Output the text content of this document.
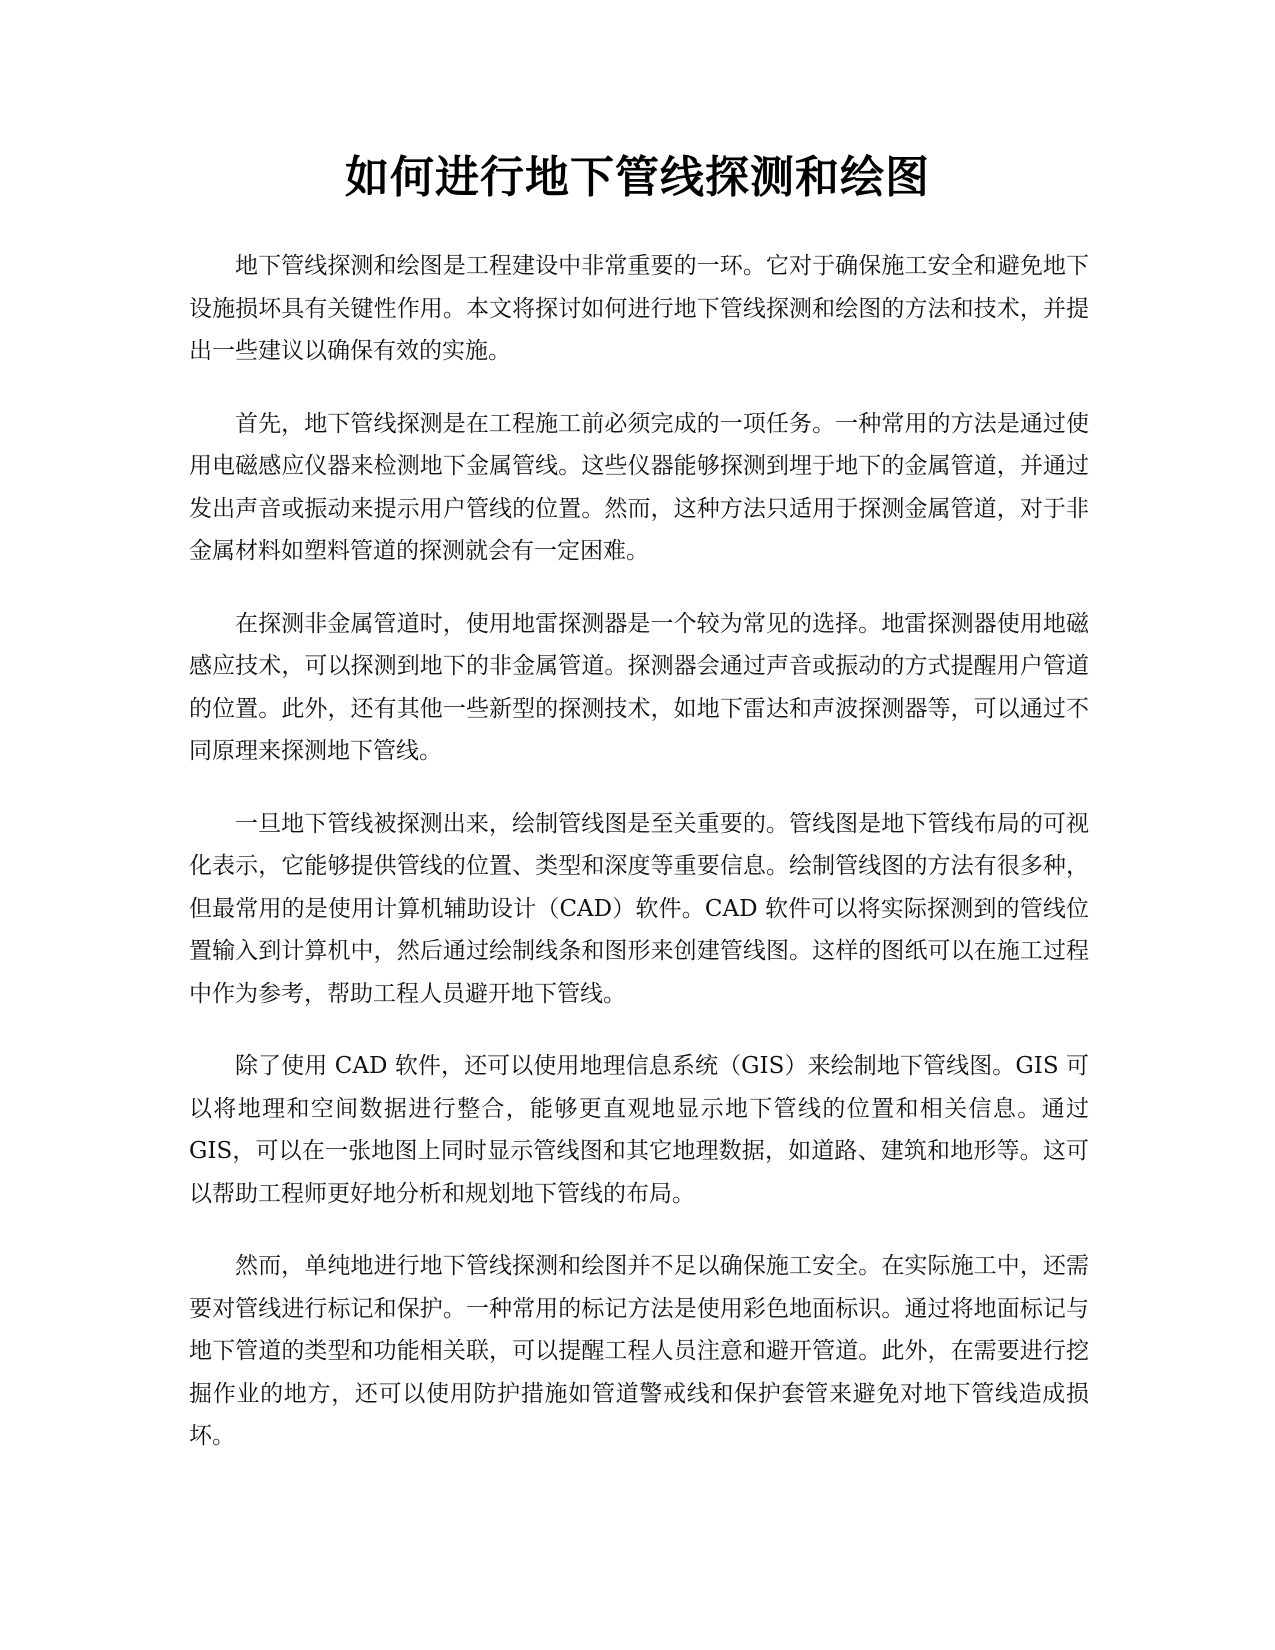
如何进行地下管线探测和绘图

地下管线探测和绘图是工程建设中非常重要的一环。它对于确保施工安全和避免地下设施损坏具有关键性作用。本文将探讨如何进行地下管线探测和绘图的方法和技术，并提出一些建议以确保有效的实施。

首先，地下管线探测是在工程施工前必须完成的一项任务。一种常用的方法是通过使用电磁感应仪器来检测地下金属管线。这些仪器能够探测到埋于地下的金属管道，并通过发出声音或振动来提示用户管线的位置。然而，这种方法只适用于探测金属管道，对于非金属材料如塑料管道的探测就会有一定困难。

在探测非金属管道时，使用地雷探测器是一个较为常见的选择。地雷探测器使用地磁感应技术，可以探测到地下的非金属管道。探测器会通过声音或振动的方式提醒用户管道的位置。此外，还有其他一些新型的探测技术，如地下雷达和声波探测器等，可以通过不同原理来探测地下管线。

一旦地下管线被探测出来，绘制管线图是至关重要的。管线图是地下管线布局的可视化表示，它能够提供管线的位置、类型和深度等重要信息。绘制管线图的方法有很多种，但最常用的是使用计算机辅助设计（CAD）软件。CAD 软件可以将实际探测到的管线位置输入到计算机中，然后通过绘制线条和图形来创建管线图。这样的图纸可以在施工过程中作为参考，帮助工程人员避开地下管线。

除了使用 CAD 软件，还可以使用地理信息系统（GIS）来绘制地下管线图。GIS 可以将地理和空间数据进行整合，能够更直观地显示地下管线的位置和相关信息。通过 GIS，可以在一张地图上同时显示管线图和其它地理数据，如道路、建筑和地形等。这可以帮助工程师更好地分析和规划地下管线的布局。

然而，单纯地进行地下管线探测和绘图并不足以确保施工安全。在实际施工中，还需要对管线进行标记和保护。一种常用的标记方法是使用彩色地面标识。通过将地面标记与地下管道的类型和功能相关联，可以提醒工程人员注意和避开管道。此外，在需要进行挖掘作业的地方，还可以使用防护措施如管道警戒线和保护套管来避免对地下管线造成损坏。
